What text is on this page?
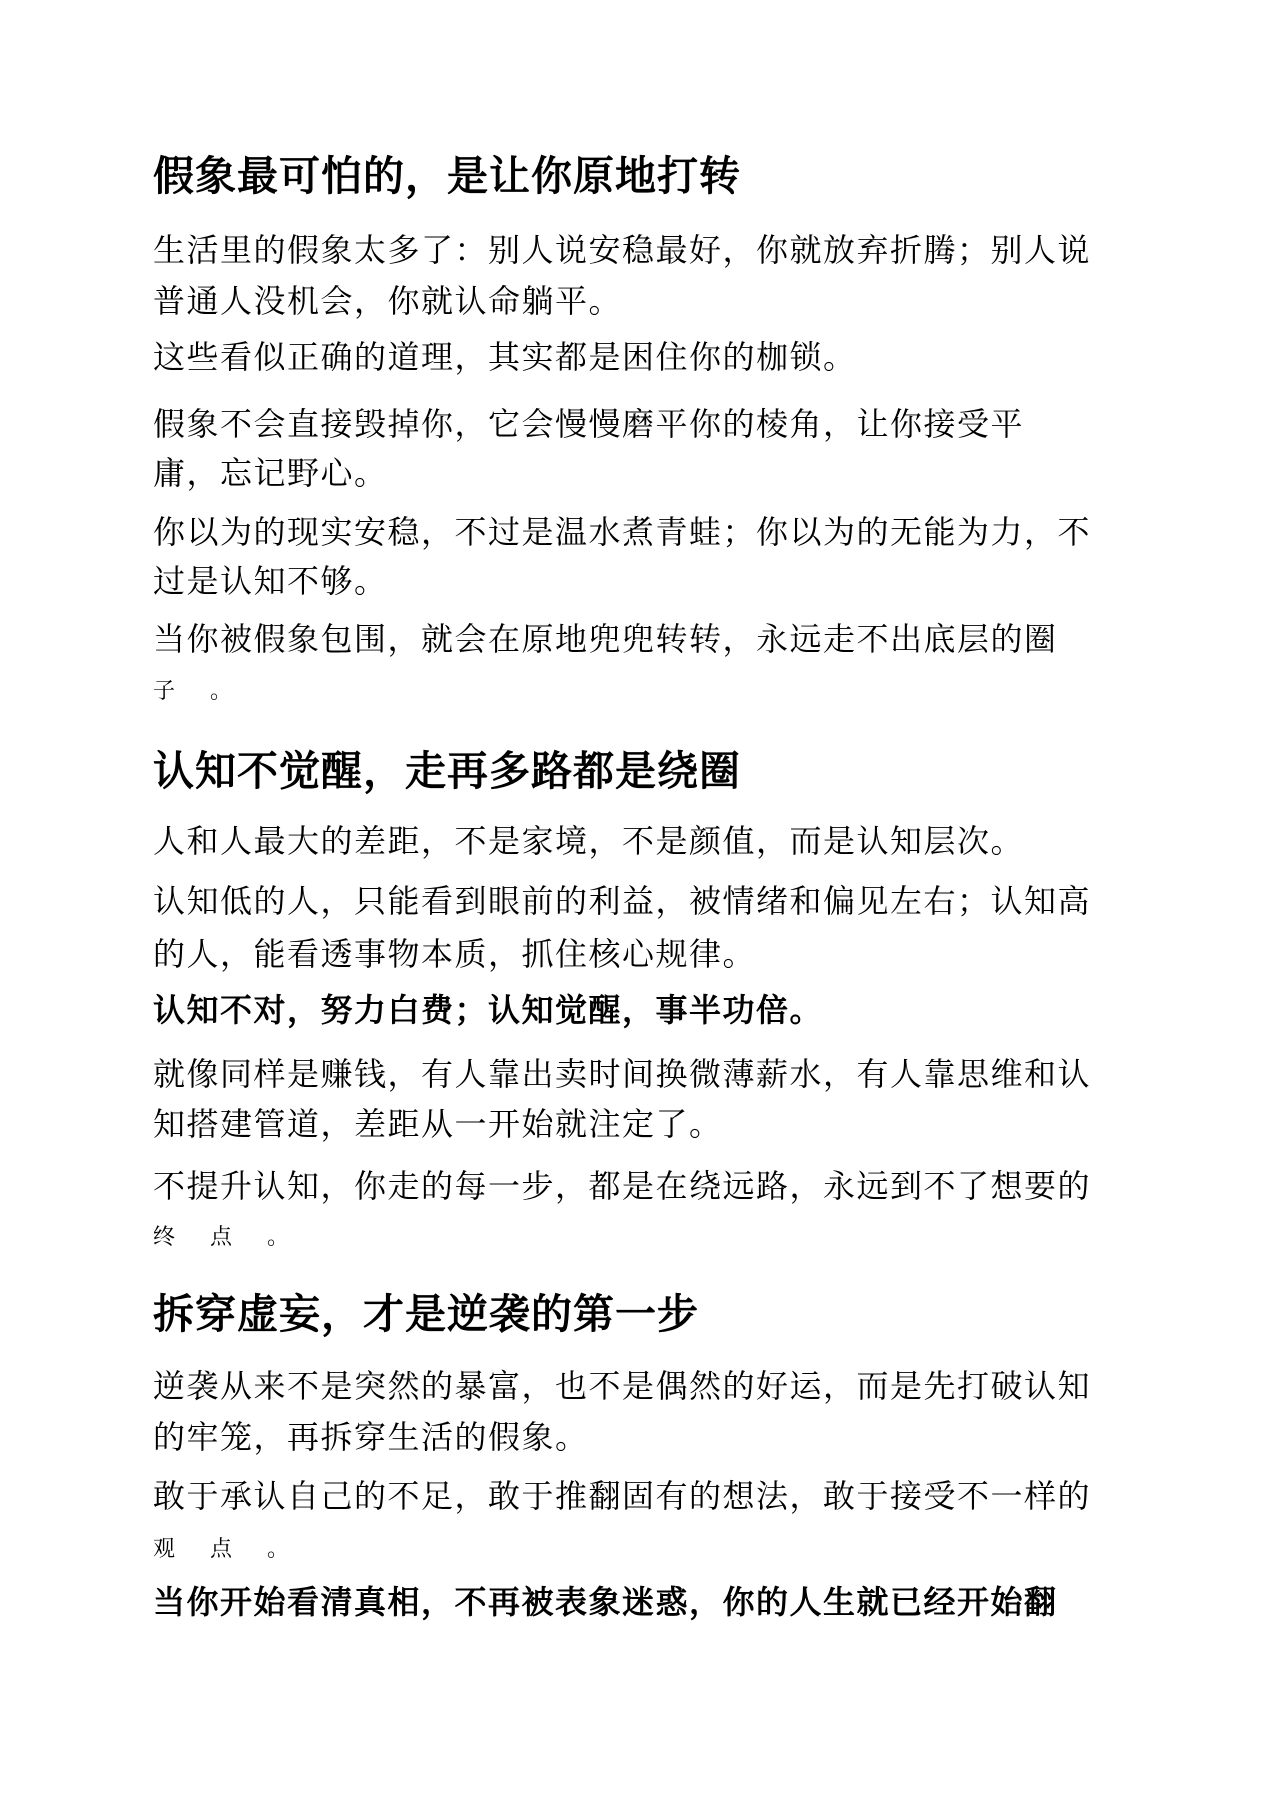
假象最可怕的，是让你原地打转

生活里的假象太多了：别人说安稳最好，你就放弃折腾；别人说

普通人没机会，你就认命躺平。

这些看似正确的道理，其实都是困住你的枷锁。

假象不会直接毁掉你，它会慢慢磨平你的棱角，让你接受平

庸，忘记野心。

你以为的现实安稳，不过是温水煮青蛙；你以为的无能为力，不

过是认知不够。

当你被假象包围，就会在原地兜兜转转，永远走不出底层的圈

子 。

认知不觉醒，走再多路都是绕圈

人和人最大的差距，不是家境，不是颜值，而是认知层次。

认知低的人，只能看到眼前的利益，被情绪和偏见左右；认知高

的人，能看透事物本质，抓住核心规律。

认知不对，努力白费；认知觉醒，事半功倍。

就像同样是赚钱，有人靠出卖时间换微薄薪水，有人靠思维和认

知搭建管道，差距从一开始就注定了。

不提升认知，你走的每一步，都是在绕远路，永远到不了想要的

终 点 。

拆穿虚妄，才是逆袭的第一步

逆袭从来不是突然的暴富，也不是偶然的好运，而是先打破认知

的牢笼，再拆穿生活的假象。

敢于承认自己的不足，敢于推翻固有的想法，敢于接受不一样的

观 点 。

当你开始看清真相，不再被表象迷惑，你的人生就已经开始翻
